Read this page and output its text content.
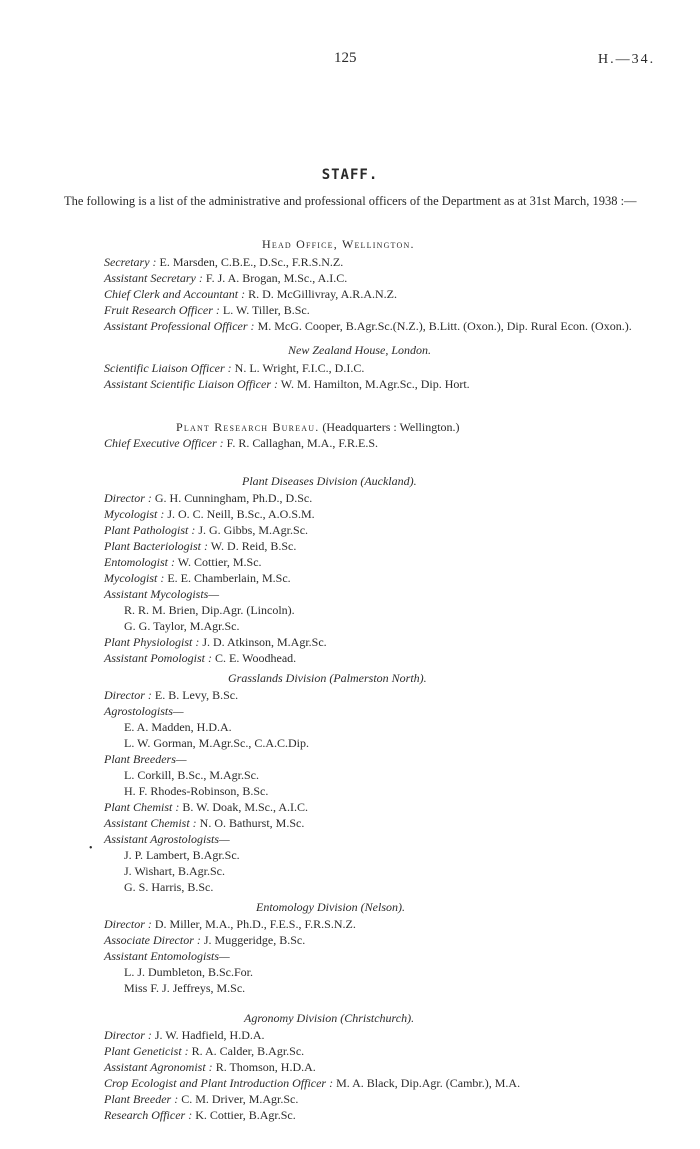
125	H.—34.
STAFF.
The following is a list of the administrative and professional officers of the Department as at 31st March, 1938 :—
Head Office, Wellington.
Secretary : E. Marsden, C.B.E., D.Sc., F.R.S.N.Z.
Assistant Secretary : F. J. A. Brogan, M.Sc., A.I.C.
Chief Clerk and Accountant : R. D. McGillivray, A.R.A.N.Z.
Fruit Research Officer : L. W. Tiller, B.Sc.
Assistant Professional Officer : M. McG. Cooper, B.Agr.Sc.(N.Z.), B.Litt. (Oxon.), Dip. Rural Econ. (Oxon.).
New Zealand House, London.
Scientific Liaison Officer : N. L. Wright, F.I.C., D.I.C.
Assistant Scientific Liaison Officer : W. M. Hamilton, M.Agr.Sc., Dip. Hort.
Plant Research Bureau. (Headquarters : Wellington.)
Chief Executive Officer : F. R. Callaghan, M.A., F.R.E.S.
Plant Diseases Division (Auckland).
Director : G. H. Cunningham, Ph.D., D.Sc.
Mycologist : J. O. C. Neill, B.Sc., A.O.S.M.
Plant Pathologist : J. G. Gibbs, M.Agr.Sc.
Plant Bacteriologist : W. D. Reid, B.Sc.
Entomologist : W. Cottier, M.Sc.
Mycologist : E. E. Chamberlain, M.Sc.
Assistant Mycologists—
R. R. M. Brien, Dip.Agr. (Lincoln).
G. G. Taylor, M.Agr.Sc.
Plant Physiologist : J. D. Atkinson, M.Agr.Sc.
Assistant Pomologist : C. E. Woodhead.
Grasslands Division (Palmerston North).
Director : E. B. Levy, B.Sc.
Agrostologists—
E. A. Madden, H.D.A.
L. W. Gorman, M.Agr.Sc., C.A.C.Dip.
Plant Breeders—
L. Corkill, B.Sc., M.Agr.Sc.
H. F. Rhodes-Robinson, B.Sc.
Plant Chemist : B. W. Doak, M.Sc., A.I.C.
Assistant Chemist : N. O. Bathurst, M.Sc.
Assistant Agrostologists—
J. P. Lambert, B.Agr.Sc.
J. Wishart, B.Agr.Sc.
G. S. Harris, B.Sc.
•
Entomology Division (Nelson).
Director : D. Miller, M.A., Ph.D., F.E.S., F.R.S.N.Z.
Associate Director : J. Muggeridge, B.Sc.
Assistant Entomologists—
L. J. Dumbleton, B.Sc.For.
Miss F. J. Jeffreys, M.Sc.
Agronomy Division (Christchurch).
Director : J. W. Hadfield, H.D.A.
Plant Geneticist : R. A. Calder, B.Agr.Sc.
Assistant Agronomist : R. Thomson, H.D.A.
Crop Ecologist and Plant Introduction Officer : M. A. Black, Dip.Agr. (Cambr.), M.A.
Plant Breeder : C. M. Driver, M.Agr.Sc.
Research Officer : K. Cottier, B.Agr.Sc.
